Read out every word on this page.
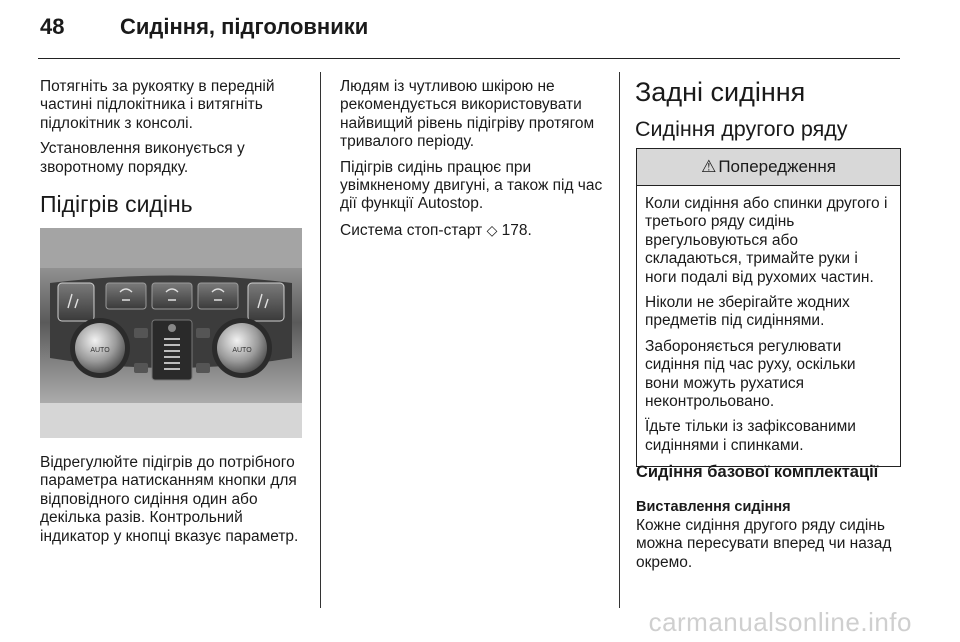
48	Сидіння, підголовники

Потягніть за рукоятку в передній частині підлокітника і витягніть підлокітник з консолі.

Установлення виконується у зворотному порядку.

Підігрів сидінь
AUTO	AUTO
Відрегулюйте підігрів до потрібного параметра натисканням кнопки для відповідного сидіння один або декілька разів. Контрольний індикатор у кнопці вказує параметр.

Людям із чутливою шкірою не рекомендується використовувати найвищий рівень підігріву протягом тривалого періоду.

Підігрів сидінь працює при увімкненому двигуні, а також під час дії функції Autostop.

Система стоп-старт ◇ 178.

Задні сидіння
Сидіння другого ряду
⚠ Попередження

Коли сидіння або спинки другого і третього ряду сидінь врегульовуються або складаються, тримайте руки і ноги подалі від рухомих частин.

Ніколи не зберігайте жодних предметів під сидіннями.

Забороняється регулювати сидіння під час руху, оскільки вони можуть рухатися неконтрольовано.

Їдьте тільки із зафіксованими сидіннями і спинками.

Сидіння базової комплектації
Виставлення сидіння
Кожне сидіння другого ряду сидінь можна пересувати вперед чи назад окремо.
carmanualsonline.info
